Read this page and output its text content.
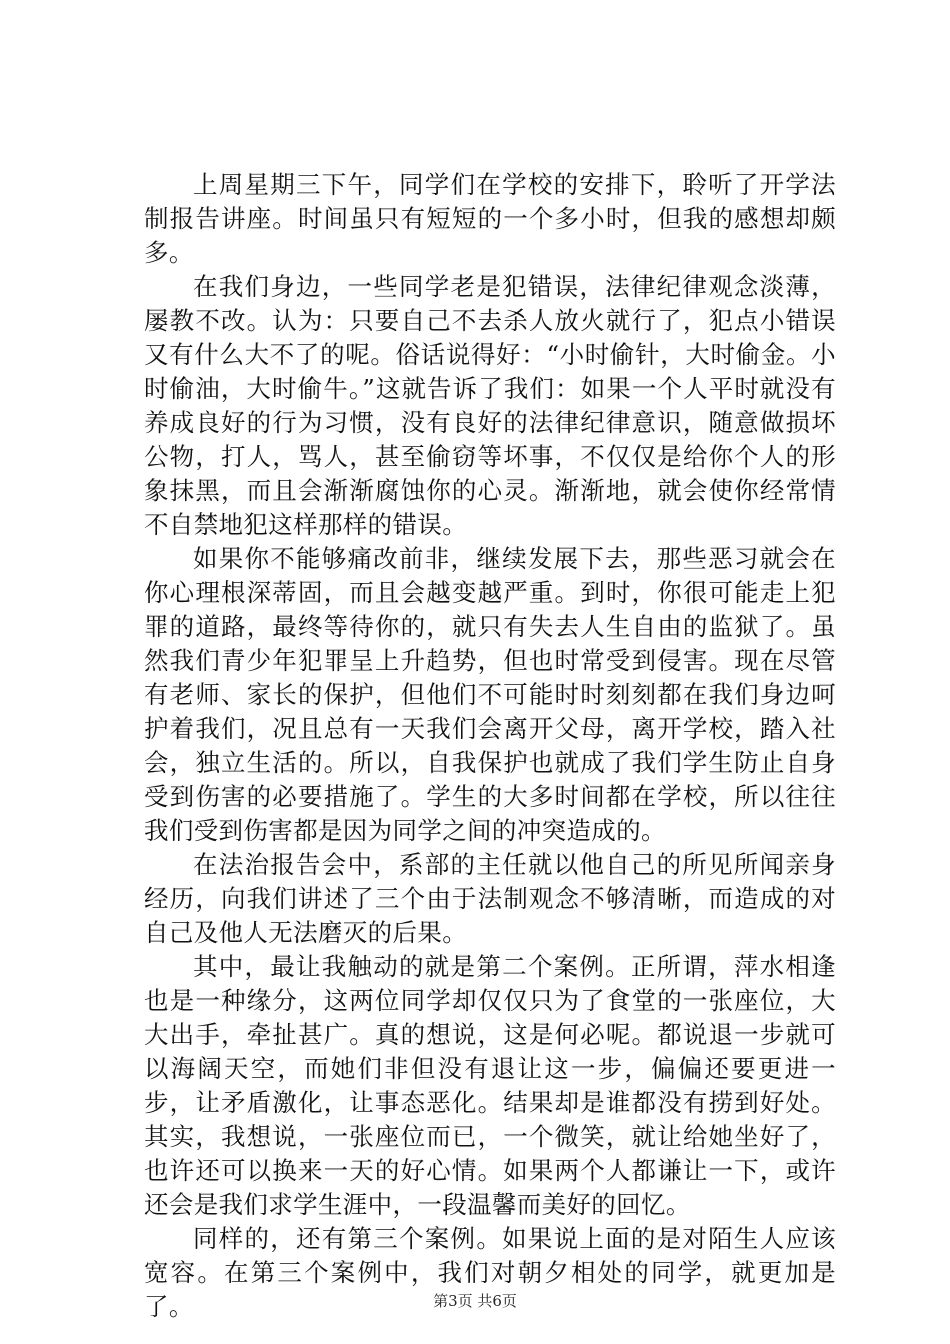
上周星期三下午，同学们在学校的安排下，聆听了开学法制报告讲座。时间虽只有短短的一个多小时，但我的感想却颇多。

在我们身边，一些同学老是犯错误，法律纪律观念淡薄，屡教不改。认为：只要自己不去杀人放火就行了，犯点小错误又有什么大不了的呢。俗话说得好：“小时偷针，大时偷金。小时偷油，大时偷牛。”这就告诉了我们：如果一个人平时就没有养成良好的行为习惯，没有良好的法律纪律意识，随意做损坏公物，打人，骂人，甚至偷窃等坏事，不仅仅是给你个人的形象抹黑，而且会渐渐腐蚀你的心灵。渐渐地，就会使你经常情不自禁地犯这样那样的错误。

如果你不能够痛改前非，继续发展下去，那些恶习就会在你心理根深蒂固，而且会越变越严重。到时，你很可能走上犯罪的道路，最终等待你的，就只有失去人生自由的监狱了。虽然我们青少年犯罪呈上升趋势，但也时常受到侵害。现在尽管有老师、家长的保护，但他们不可能时时刻刻都在我们身边呵护着我们，况且总有一天我们会离开父母，离开学校，踏入社会，独立生活的。所以，自我保护也就成了我们学生防止自身受到伤害的必要措施了。学生的大多时间都在学校，所以往往我们受到伤害都是因为同学之间的冲突造成的。

在法治报告会中，系部的主任就以他自己的所见所闻亲身经历，向我们讲述了三个由于法制观念不够清晰，而造成的对自己及他人无法磨灭的后果。

其中，最让我触动的就是第二个案例。正所谓，萍水相逢也是一种缘分，这两位同学却仅仅只为了食堂的一张座位，大大出手，牵扯甚广。真的想说，这是何必呢。都说退一步就可以海阔天空，而她们非但没有退让这一步，偏偏还要更进一步，让矛盾激化，让事态恶化。结果却是谁都没有捞到好处。其实，我想说，一张座位而已，一个微笑，就让给她坐好了，也许还可以换来一天的好心情。如果两个人都谦让一下，或许还会是我们求学生涯中，一段温馨而美好的回忆。

同样的，还有第三个案例。如果说上面的是对陌生人应该宽容。在第三个案例中，我们对朝夕相处的同学，就更加是了。	第3页 共6页
